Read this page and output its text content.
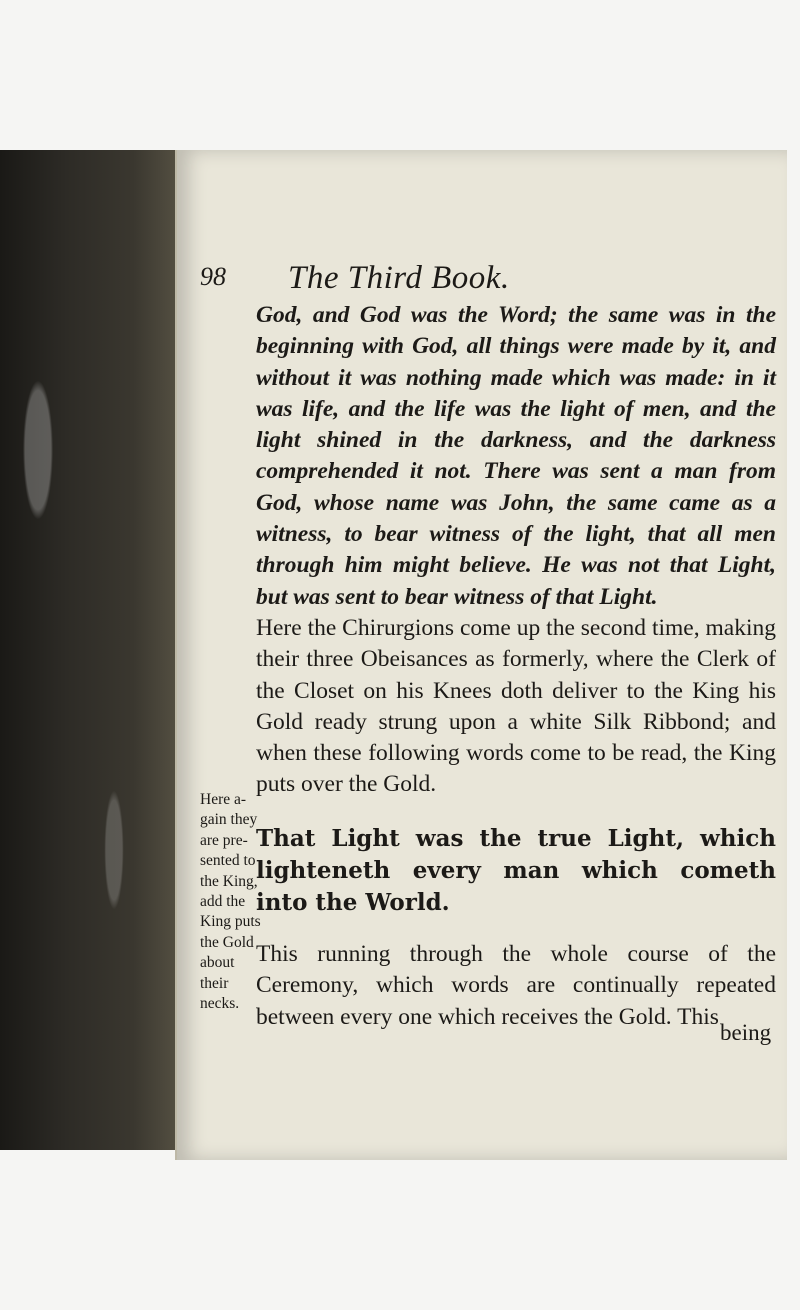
98 The Third Book.

God, and God was the Word; the same was in the beginning with God, all things were made by it, and without it was nothing made which was made: in it was life, and the life was the light of men, and the light shined in the darkness, and the darkness comprehended it not. There was sent a man from God, whose name was John, the same came as a witness, to bear witness of the light, that all men through him might believe. He was not that Light, but was sent to bear witness of that Light.

Here the Chirurgions come up the second time, making their three Obeisances as formerly, where the Clerk of the Closet on his Knees doth deliver to the King his Gold ready strung upon a white Silk Ribbond; and when these following words come to be read, the King puts over the Gold.

That Light was the true Light, which lighteneth every man which cometh into the World.

This running through the whole course of the Ceremony, which words are continually repeated between every one which receives the Gold. This

being
Here a-
gain they
are pre-
sented to
the King,
add the
King puts
the Gold
about
their
necks.
